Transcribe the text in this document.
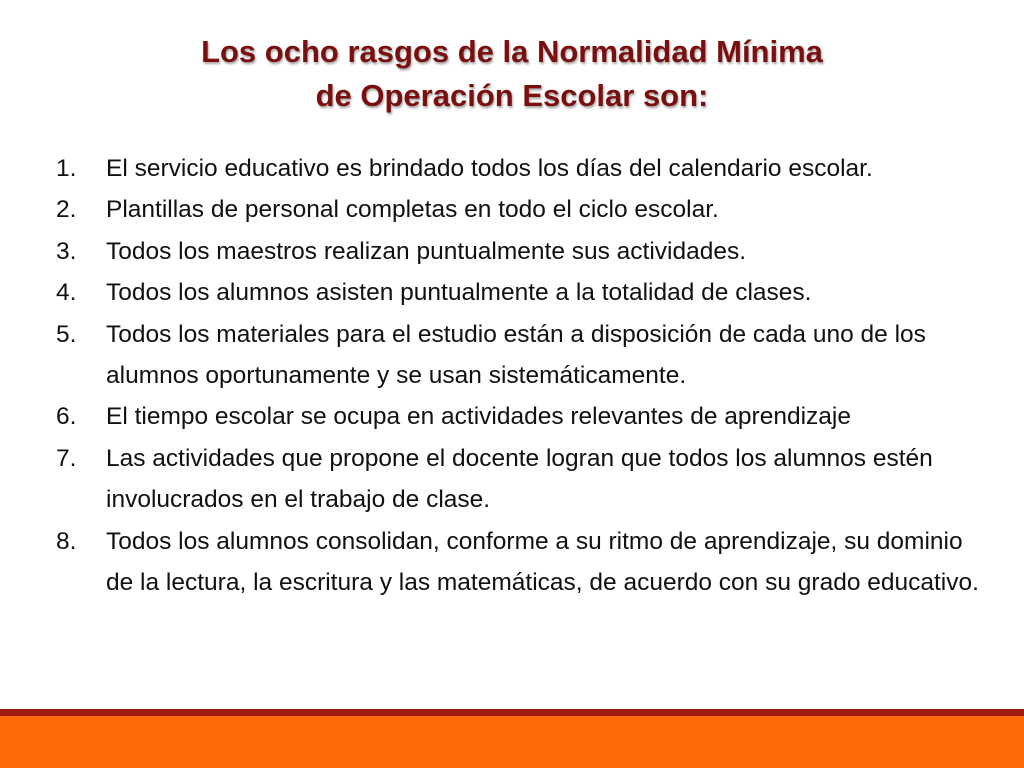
Los ocho rasgos de la Normalidad Mínima
de Operación Escolar son:
1.	El servicio educativo es brindado todos los días del calendario escolar.
2.	Plantillas de personal completas en todo el ciclo escolar.
3.	Todos los maestros realizan puntualmente sus actividades.
4.	Todos los alumnos asisten puntualmente a la totalidad de clases.
5.	Todos los materiales para el estudio están a disposición de cada uno de los alumnos oportunamente y se usan sistemáticamente.
6.	El tiempo escolar se ocupa en actividades relevantes de aprendizaje
7.	Las actividades que propone el docente logran que todos los alumnos estén involucrados en el trabajo de clase.
8.	Todos los alumnos consolidan, conforme a su ritmo de aprendizaje, su dominio de la lectura, la escritura y las matemáticas, de acuerdo con su grado educativo.
